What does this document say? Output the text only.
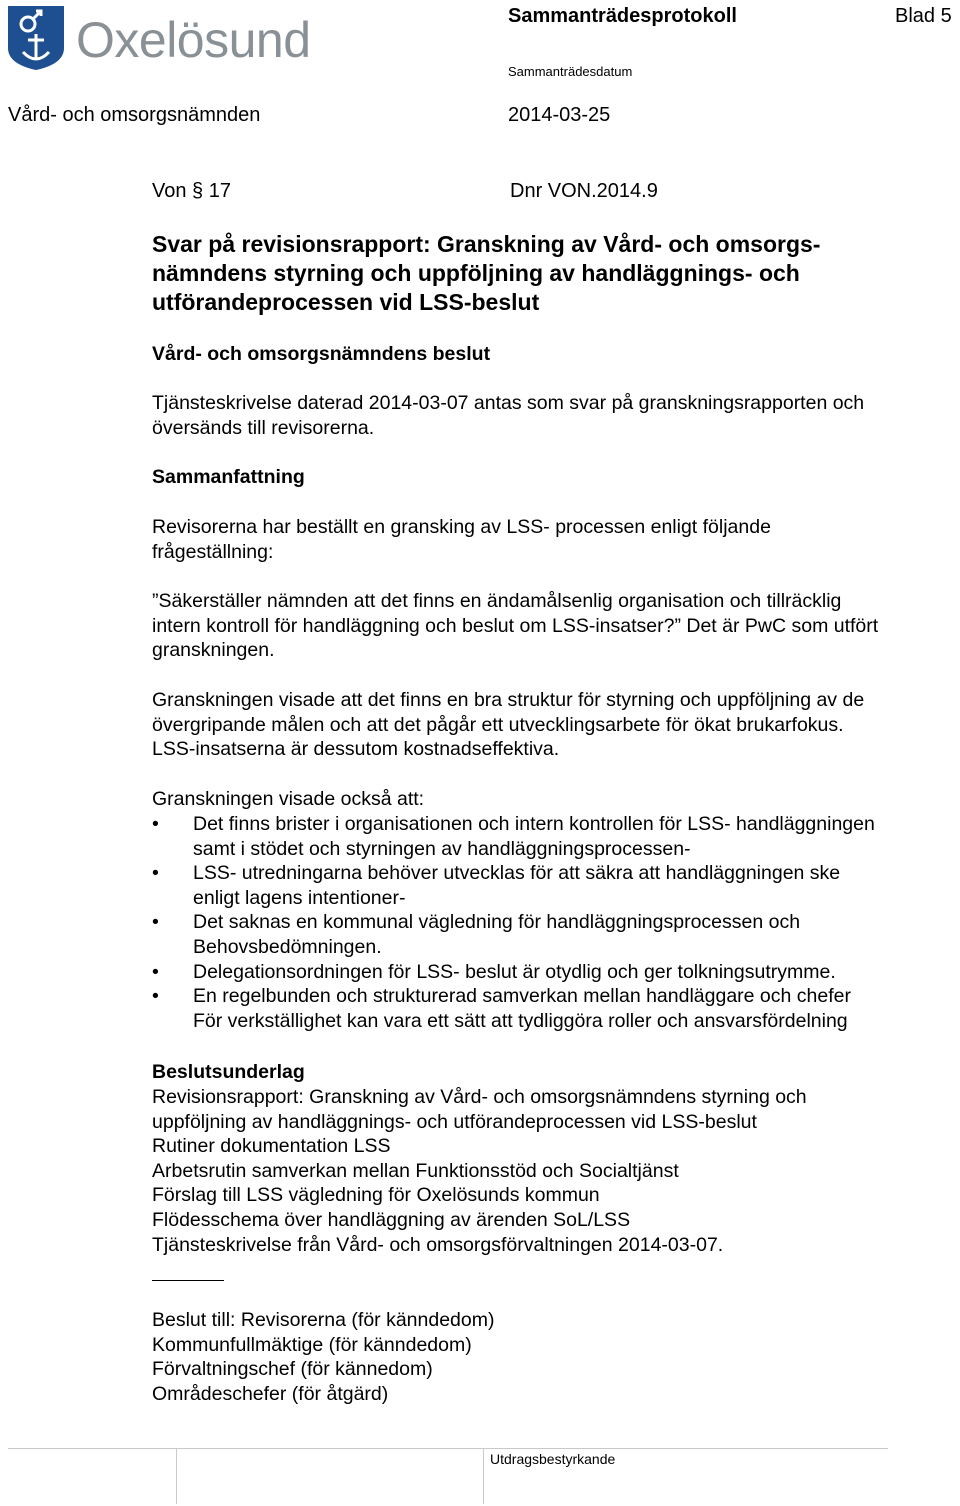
Oxelösund	Sammanträdesprotokoll	Blad 5
Sammanträdesdatum
Vård- och omsorgsnämnden	2014-03-25
Von § 17	Dnr VON.2014.9
Svar på revisionsrapport: Granskning av Vård- och omsorgs-
nämndens styrning och uppföljning av handläggnings- och
utförandeprocessen vid LSS-beslut
Vård- och omsorgsnämndens beslut
Tjänsteskrivelse daterad 2014-03-07 antas som svar på granskningsrapporten och
översänds till revisorerna.
Sammanfattning
Revisorerna har beställt en gransking av LSS- processen enligt följande
frågeställning:
”Säkerställer nämnden att det finns en ändamålsenlig organisation och tillräcklig
intern kontroll för handläggning och beslut om LSS-insatser?” Det är PwC som utfört
granskningen.
Granskningen visade att det finns en bra struktur för styrning och uppföljning av de
övergripande målen och att det pågår ett utvecklingsarbete för ökat brukarfokus.
LSS-insatserna är dessutom kostnadseffektiva.
Granskningen visade också att:
• Det finns brister i organisationen och intern kontrollen för LSS- handläggningen
samt i stödet och styrningen av handläggningsprocessen-
• LSS- utredningarna behöver utvecklas för att säkra att handläggningen ske
enligt lagens intentioner-
• Det saknas en kommunal vägledning för handläggningsprocessen och
Behovsbedömningen.
• Delegationsordningen för LSS- beslut är otydlig och ger tolkningsutrymme.
• En regelbunden och strukturerad samverkan mellan handläggare och chefer
För verkställighet kan vara ett sätt att tydliggöra roller och ansvarsfördelning
Beslutsunderlag
Revisionsrapport: Granskning av Vård- och omsorgsnämndens styrning och
uppföljning av handläggnings- och utförandeprocessen vid LSS-beslut
Rutiner dokumentation LSS
Arbetsrutin samverkan mellan Funktionsstöd och Socialtjänst
Förslag till LSS vägledning för Oxelösunds kommun
Flödesschema över handläggning av ärenden SoL/LSS
Tjänsteskrivelse från Vård- och omsorgsförvaltningen 2014-03-07.
Beslut till: Revisorerna (för känndedom)
Kommunfullmäktige (för känndedom)
Förvaltningschef (för kännedom)
Områdeschefer (för åtgärd)
Utdragsbestyrkande
